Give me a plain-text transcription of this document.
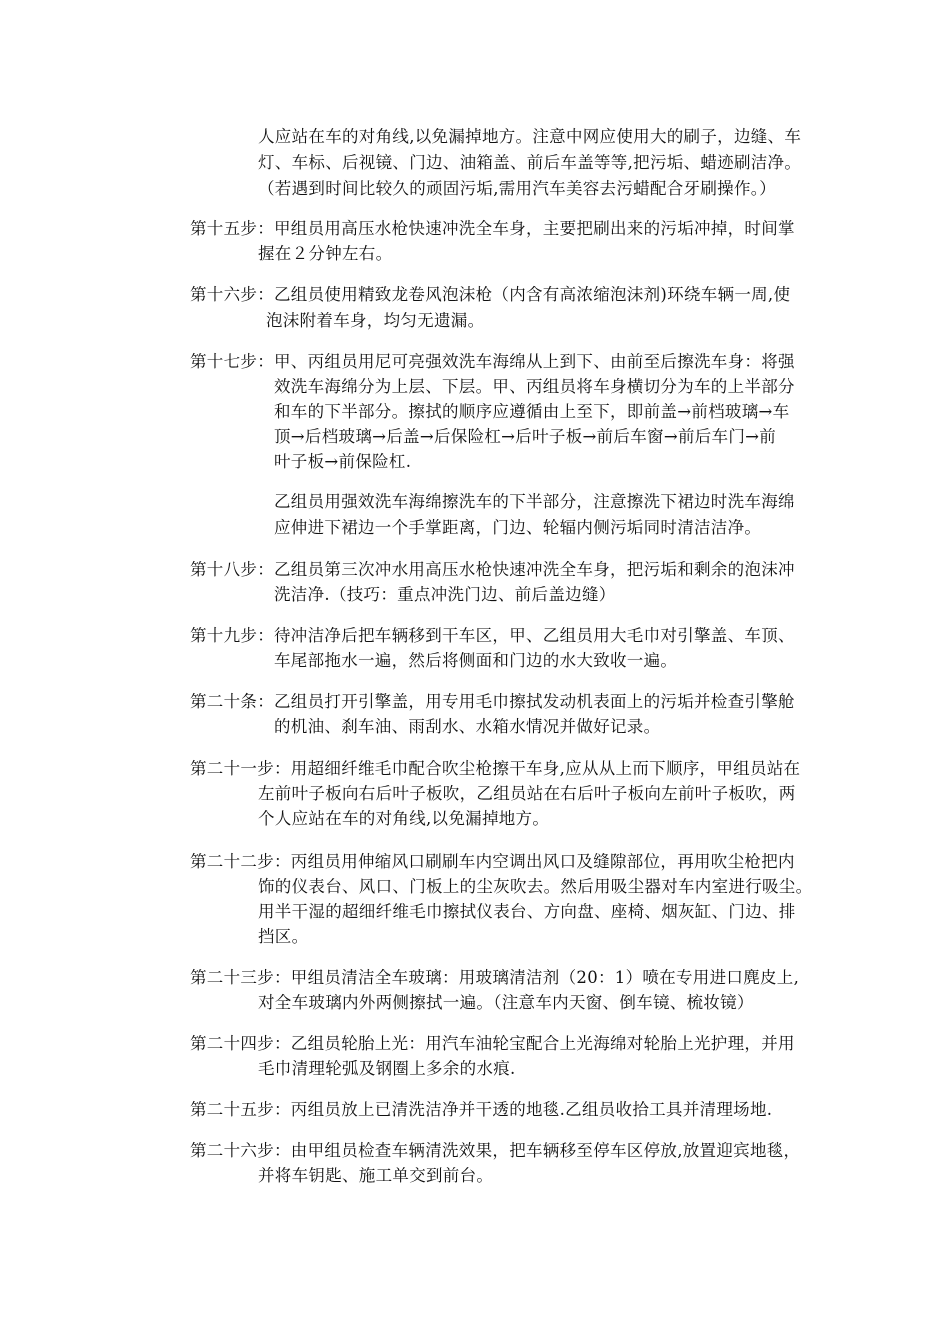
人应站在车的对角线,以免漏掉地方。注意中网应使用大的刷子，边缝、车
灯、车标、后视镜、门边、油箱盖、前后车盖等等,把污垢、蜡迹刷洁净。
（若遇到时间比较久的顽固污垢,需用汽车美容去污蜡配合牙刷操作。）
第十五步：甲组员用高压水枪快速冲洗全车身，主要把刷出来的污垢冲掉，时间掌
握在２分钟左右。
第十六步：乙组员使用精致龙卷风泡沫枪（内含有高浓缩泡沫剂)环绕车辆一周,使
泡沫附着车身，均匀无遗漏。
第十七步：甲、丙组员用尼可亮强效洗车海绵从上到下、由前至后擦洗车身：将强
效洗车海绵分为上层、下层。甲、丙组员将车身横切分为车的上半部分
和车的下半部分。擦拭的顺序应遵循由上至下，即前盖→前档玻璃→车
顶→后档玻璃→后盖→后保险杠→后叶子板→前后车窗→前后车门→前
叶子板→前保险杠.
乙组员用强效洗车海绵擦洗车的下半部分，注意擦洗下裙边时洗车海绵
应伸进下裙边一个手掌距离，门边、轮辐内侧污垢同时清洁洁净。
第十八步：乙组员第三次冲水用高压水枪快速冲洗全车身，把污垢和剩余的泡沫冲
洗洁净.（技巧：重点冲洗门边、前后盖边缝）
第十九步：待冲洁净后把车辆移到干车区，甲、乙组员用大毛巾对引擎盖、车顶、
车尾部拖水一遍，然后将侧面和门边的水大致收一遍。
第二十条：乙组员打开引擎盖，用专用毛巾擦拭发动机表面上的污垢并检查引擎舱
的机油、刹车油、雨刮水、水箱水情况并做好记录。
第二十一步：用超细纤维毛巾配合吹尘枪擦干车身,应从从上而下顺序，甲组员站在
左前叶子板向右后叶子板吹，乙组员站在右后叶子板向左前叶子板吹，两
个人应站在车的对角线,以免漏掉地方。
第二十二步：丙组员用伸缩风口刷刷车内空调出风口及缝隙部位，再用吹尘枪把内
饰的仪表台、风口、门板上的尘灰吹去。然后用吸尘器对车内室进行吸尘。
用半干湿的超细纤维毛巾擦拭仪表台、方向盘、座椅、烟灰缸、门边、排
挡区。
第二十三步：甲组员清洁全车玻璃：用玻璃清洁剂（20：1）喷在专用进口麂皮上,
对全车玻璃内外两侧擦拭一遍。（注意车内天窗、倒车镜、梳妆镜）
第二十四步：乙组员轮胎上光：用汽车油轮宝配合上光海绵对轮胎上光护理，并用
毛巾清理轮弧及钢圈上多余的水痕.
第二十五步：丙组员放上已清洗洁净并干透的地毯.乙组员收拾工具并清理场地.
第二十六步：由甲组员检查车辆清洗效果，把车辆移至停车区停放,放置迎宾地毯，
并将车钥匙、施工单交到前台。
